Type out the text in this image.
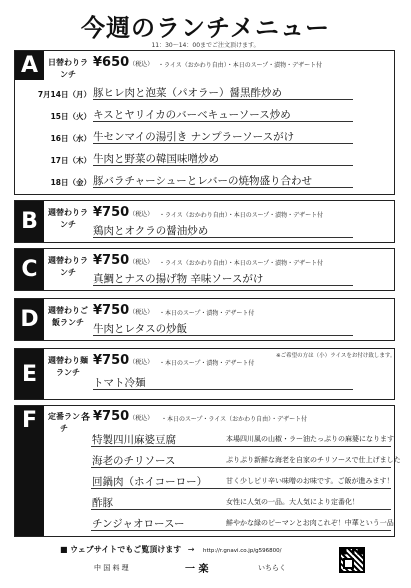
今週のランチメニュー
11：30〜14：00までご注文頂けます。
A	日替わりランチ
¥650（税込） ・ライス（おかわり自由）・本日のスープ・漬物・デザート付
7月14日（月） 豚ヒレ肉と泡菜（パオラー）醤黒酢炒め
15日（火） キスとヤリイカのバーベキューソース炒め
16日（水） 牛センマイの湯引き ナンプラーソースがけ
17日（木） 牛肉と野菜の韓国味噌炒め
18日（金） 豚バラチャーシューとレバーの焼物盛り合わせ
B	週替わりランチ
¥750（税込） ・ライス（おかわり自由）・本日のスープ・漬物・デザート付
鶏肉とオクラの醤油炒め
C	週替わりランチ
¥750（税込） ・ライス（おかわり自由）・本日のスープ・漬物・デザート付
真鯛とナスの揚げ物 辛味ソースがけ
D	週替わりご飯ランチ
¥750（税込） ・本日のスープ・漬物・デザート付
牛肉とレタスの炒飯
E
週替わり麺ランチ
¥750（税込） ・本日のスープ・漬物・デザート付
※ご希望の方は（小）ライスをお付け致します。
トマト冷麺
F	定番ランチ
各 ¥750（税込） ・本日のスープ・ライス（おかわり自由）・デザート付
特製四川麻婆豆腐	本場四川風の山椒・ラー油たっぷりの麻婆になります
海老のチリソース	ぷりぷり新鮮な海老を自家のチリソースで仕上げました
回鍋肉（ホイコーロー）	甘く少しピリ辛い味噌のお味です。ご飯が進みます！
酢豚	女性に人気の一品。大人気により定番化！
チンジャオロースー	鮮やかな緑のピーマンとお肉これぞ！中華という一品
■ ウェブサイトでもご覧頂けます → http://r.gnavi.co.jp/g596800/
中 国 料 理	一 楽	いちらく
